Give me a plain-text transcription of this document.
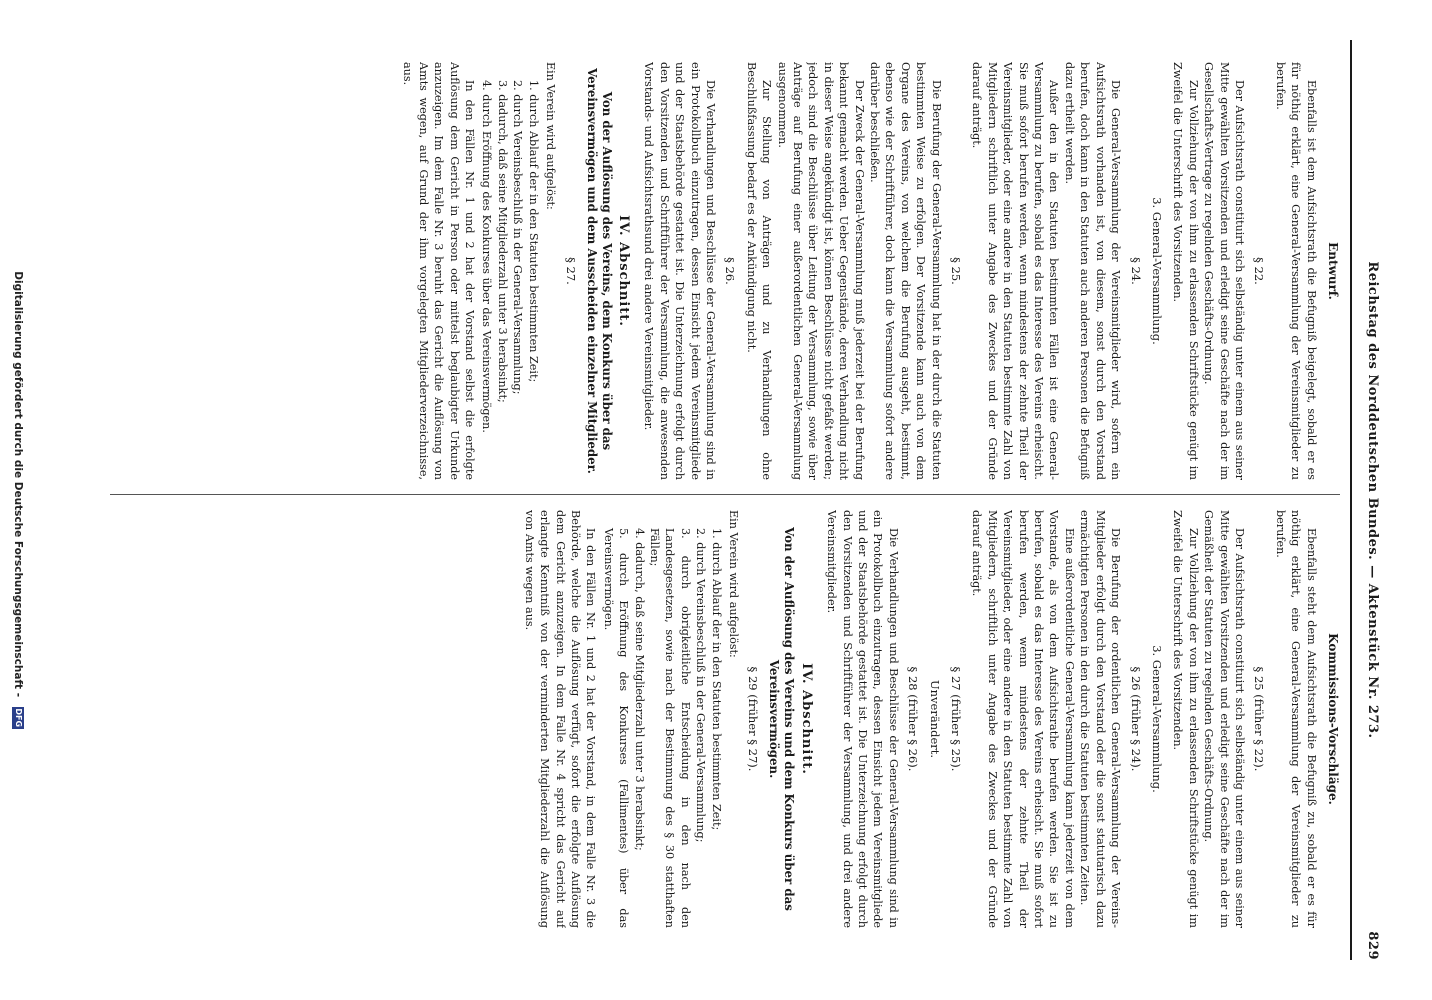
Reichstag des Norddeutschen Bundes. — Aktenstück Nr. 273.
829
Entwurf.

Ebenfalls ist dem Aufsichtsrath die Befugniß beigelegt, sobald er es für nöthig erklärt, eine General-Versammlung der Vereinsmitglieder zu berufen.

§ 22.

Der Aufsichtsrath constituirt sich selbständig unter einem aus seiner Mitte gewählten Vorsitzenden und erledigt seine Geschäfte nach der im Gesellschafts-Vertrage zu regelnden Geschäfts-Ordnung.

Zur Vollziehung der von ihm zu erlassenden Schriftstücke genügt im Zweifel die Unterschrift des Vorsitzenden.

3. General-Versammlung.
§ 24.

Die General-Versammlung der Vereinsmitglieder wird, sofern ein Aufsichtsrath vorhanden ist, von diesem, sonst durch den Vorstand berufen, doch kann in den Statuten auch anderen Personen die Befugniß dazu ertheilt werden.

Außer den in den Statuten bestimmten Fällen ist eine General-Versammlung zu berufen, sobald es das Interesse des Vereins erheischt. Sie muß sofort berufen werden, wenn mindestens der zehnte Theil der Vereinsmitglieder, oder eine andere in den Statuten bestimmte Zahl von Mitgliedern schriftlich unter Angabe des Zweckes und der Gründe darauf anträgt.

§ 25.

Die Berufung der General-Versammlung hat in der durch die Statuten bestimmten Weise zu erfolgen. Der Vorsitzende kann auch von dem Organe des Vereins, von welchem die Berufung ausgeht, bestimmt, ebenso wie der Schriftführer, doch kann die Versammlung sofort andere darüber beschließen.

Der Zweck der General-Versammlung muß jederzeit bei der Berufung bekannt gemacht werden. Ueber Gegenstände, deren Verhandlung nicht in dieser Weise angekündigt ist, können Beschlüsse nicht gefaßt werden; jedoch sind die Beschlüsse über Leitung der Versammlung, sowie über Anträge auf Berufung einer außerordentlichen General-Versammlung ausgenommen.

Zur Stellung von Anträgen und zu Verhandlungen ohne Beschlußfassung bedarf es der Ankündigung nicht.

§ 26.

Die Verhandlungen und Beschlüsse der General-Versammlung sind in ein Protokollbuch einzutragen, dessen Einsicht jedem Vereinsmitgliede und der Staatsbehörde gestattet ist. Die Unterzeichnung erfolgt durch den Vorsitzenden und Schriftführer der Versammlung, die anwesenden Vorstands- und Aufsichtsrathsund drei andere Vereinsmitglieder.

IV. Abschnitt.
Von der Auflösung des Vereins, dem Konkurs über das Vereinsvermögen und dem Ausscheiden einzelner Mitglieder.
§ 27.

Ein Verein wird aufgelöst:

1. durch Ablauf der in den Statuten bestimmten Zeit;
2. durch Vereinsbeschluß in der General-Versammlung;
3. dadurch, daß seine Mitgliederzahl unter 3 herabsinkt;
4. durch Eröffnung des Konkurses über das Vereinsvermögen.

In den Fällen Nr. 1 und 2 hat der Vorstand selbst die erfolgte Auflösung dem Gericht in Person oder mittelst beglaubigter Urkunde anzuzeigen. Im dem Falle Nr. 3 beruht das Gericht die Auflösung von Amts wegen, auf Grund der ihm vorgelegten Mitgliederverzeichnisse, aus.

Kommissions-Vorschläge.

Ebenfalls steht dem Aufsichtsrath die Befugniß zu, sobald er es für nöthig erklärt, eine General-Versammlung der Vereinsmitglieder zu berufen.

§ 25 (früher § 22).

Der Aufsichtsrath constituirt sich selbständig unter einem aus seiner Mitte gewählten Vorsitzenden und erledigt seine Geschäfte nach der im Gemäßheit der Statuten zu regelnden Geschäfts-Ordnung.

Zur Vollziehung der von ihm zu erlassenden Schriftstücke genügt im Zweifel die Unterschrift des Vorsitzenden.

3. General-Versammlung.
§ 26 (früher § 24).

Die Berufung der ordentlichen General-Versammlung der Vereins-Mitglieder erfolgt durch den Vorstand oder die sonst statutarisch dazu ermächtigten Personen in den durch die Statuten bestimmten Zeiten.

Eine außerordentliche General-Versammlung kann jederzeit von dem Vorstande, als von dem Aufsichtsrathe berufen werden. Sie ist zu berufen, sobald es das Interesse des Vereins erheischt. Sie muß sofort berufen werden, wenn mindestens der zehnte Theil der Vereinsmitglieder, oder eine andere in den Statuten bestimmte Zahl von Mitgliedern, schriftlich unter Angabe des Zweckes und der Gründe darauf anträgt.

§ 27 (früher § 25).
Unverändert.
§ 28 (früher § 26).

Die Verhandlungen und Beschlüsse der General-Versammlung sind in ein Protokollbuch einzutragen, dessen Einsicht jedem Vereinsmitgliede und der Staatsbehörde gestattet ist. Die Unterzeichnung erfolgt durch den Vorsitzenden und Schriftführer der Versammlung, und drei andere Vereinsmitglieder.

IV. Abschnitt.
Von der Auflösung des Vereins und dem Konkurs über das Vereinsvermögen.
§ 29 (früher § 27).

Ein Verein wird aufgelöst:

1. durch Ablauf der in den Statuten bestimmten Zeit;
2. durch Vereinsbeschluß in der General-Versammlung;
3. durch obrigkeitliche Entscheidung in den nach den Landesgesetzen, sowie nach der Bestimmung des § 30 statthaften Fällen;
4. dadurch, daß seine Mitgliederzahl unter 3 herabsinkt;
5. durch Eröffnung des Konkurses (Fallimentes) über das Vereinsvermögen.

In den Fällen Nr. 1 und 2 hat der Vorstand, in dem Falle Nr. 3 die Behörde, welche die Auflösung verfügt, sofort die erfolgte Auflösung dem Gericht anzuzeigen. In dem Falle Nr. 4 spricht das Gericht auf erlangte Kenntniß von der verminderten Mitgliederzahl die Auflösung von Amts wegen aus.

Digitalisierung gefördert durch die Deutsche Forschungsgemeinschaft - DFG
